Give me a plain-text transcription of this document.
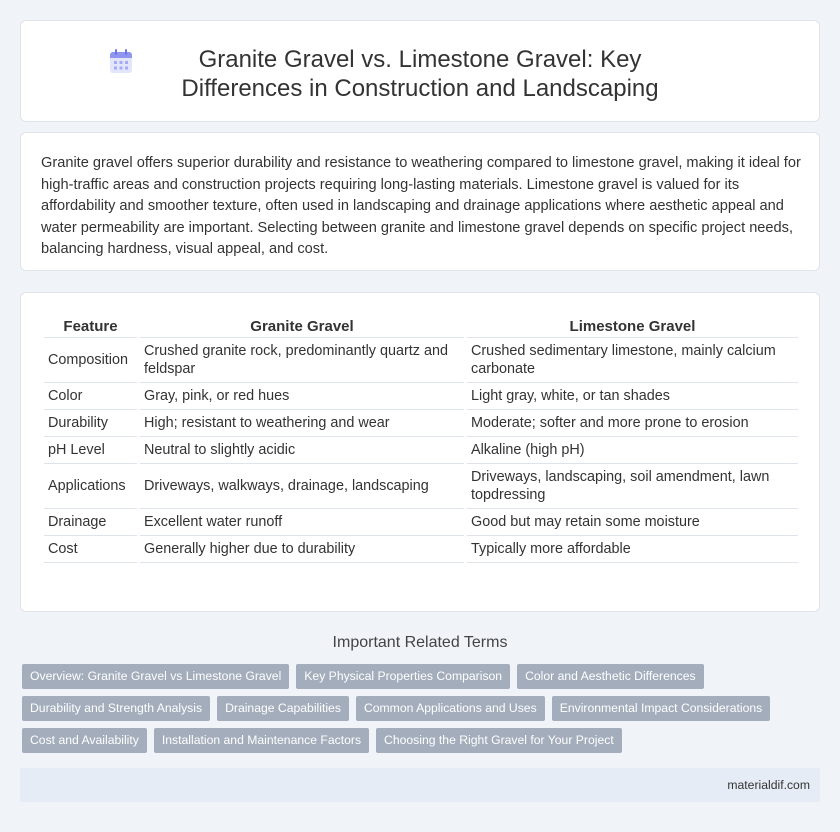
Granite Gravel vs. Limestone Gravel: Key Differences in Construction and Landscaping

Granite gravel offers superior durability and resistance to weathering compared to limestone gravel, making it ideal for high-traffic areas and construction projects requiring long-lasting materials. Limestone gravel is valued for its affordability and smoother texture, often used in landscaping and drainage applications where aesthetic appeal and water permeability are important. Selecting between granite and limestone gravel depends on specific project needs, balancing hardness, visual appeal, and cost.

Feature	Granite Gravel	Limestone Gravel
Composition	Crushed granite rock, predominantly quartz and feldspar	Crushed sedimentary limestone, mainly calcium carbonate
Color	Gray, pink, or red hues	Light gray, white, or tan shades
Durability	High; resistant to weathering and wear	Moderate; softer and more prone to erosion
pH Level	Neutral to slightly acidic	Alkaline (high pH)
Applications	Driveways, walkways, drainage, landscaping	Driveways, landscaping, soil amendment, lawn topdressing
Drainage	Excellent water runoff	Good but may retain some moisture
Cost	Generally higher due to durability	Typically more affordable
Important Related Terms
Overview: Granite Gravel vs Limestone Gravel	Key Physical Properties Comparison	Color and Aesthetic Differences
Durability and Strength Analysis	Drainage Capabilities	Common Applications and Uses	Environmental Impact Considerations
Cost and Availability	Installation and Maintenance Factors	Choosing the Right Gravel for Your Project
materialdif.com
